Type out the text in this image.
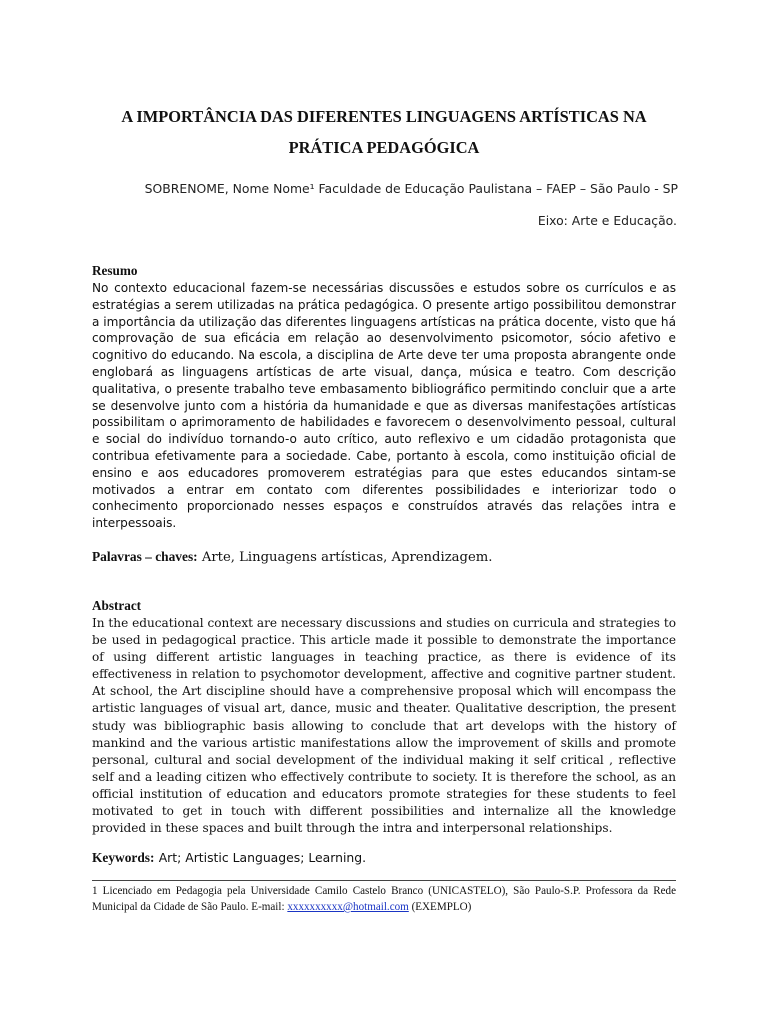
A IMPORTÂNCIA DAS DIFERENTES LINGUAGENS ARTÍSTICAS NA
PRÁTICA PEDAGÓGICA
SOBRENOME, Nome Nome¹ Faculdade de Educação Paulistana – FAEP – São Paulo - SP
Eixo: Arte e Educação.
Resumo
No contexto educacional fazem-se necessárias discussões e estudos sobre os currículos e as estratégias a serem utilizadas na prática pedagógica. O presente artigo possibilitou demonstrar a importância da utilização das diferentes linguagens artísticas na prática docente, visto que há comprovação de sua eficácia em relação ao desenvolvimento psicomotor, sócio afetivo e cognitivo do educando. Na escola, a disciplina de Arte deve ter uma proposta abrangente onde englobará as linguagens artísticas de arte visual, dança, música e teatro. Com descrição qualitativa, o presente trabalho teve embasamento bibliográfico permitindo concluir que a arte se desenvolve junto com a história da humanidade e que as diversas manifestações artísticas possibilitam o aprimoramento de habilidades e favorecem o desenvolvimento pessoal, cultural e social do indivíduo tornando-o auto crítico, auto reflexivo e um cidadão protagonista que contribua efetivamente para a sociedade. Cabe, portanto à escola, como instituição oficial de ensino e aos educadores promoverem estratégias para que estes educandos sintam-se motivados a entrar em contato com diferentes possibilidades e interiorizar todo o conhecimento proporcionado nesses espaços e construídos através das relações intra e interpessoais.
Palavras – chaves: Arte, Linguagens artísticas, Aprendizagem.
Abstract
In the educational context are necessary discussions and studies on curricula and strategies to be used in pedagogical practice. This article made it possible to demonstrate the importance of using different artistic languages in teaching practice, as there is evidence of its effectiveness in relation to psychomotor development, affective and cognitive partner student. At school, the Art discipline should have a comprehensive proposal which will encompass the artistic languages of visual art, dance, music and theater. Qualitative description, the present study was bibliographic basis allowing to conclude that art develops with the history of mankind and the various artistic manifestations allow the improvement of skills and promote personal, cultural and social development of the individual making it self critical , reflective self and a leading citizen who effectively contribute to society. It is therefore the school, as an official institution of education and educators promote strategies for these students to feel motivated to get in touch with different possibilities and internalize all the knowledge provided in these spaces and built through the intra and interpersonal relationships.
Keywords: Art; Artistic Languages; Learning.
1 Licenciado em Pedagogia pela Universidade Camilo Castelo Branco (UNICASTELO), São Paulo-S.P. Professora da Rede Municipal da Cidade de São Paulo. E-mail: xxxxxxxxxx@hotmail.com (EXEMPLO)
